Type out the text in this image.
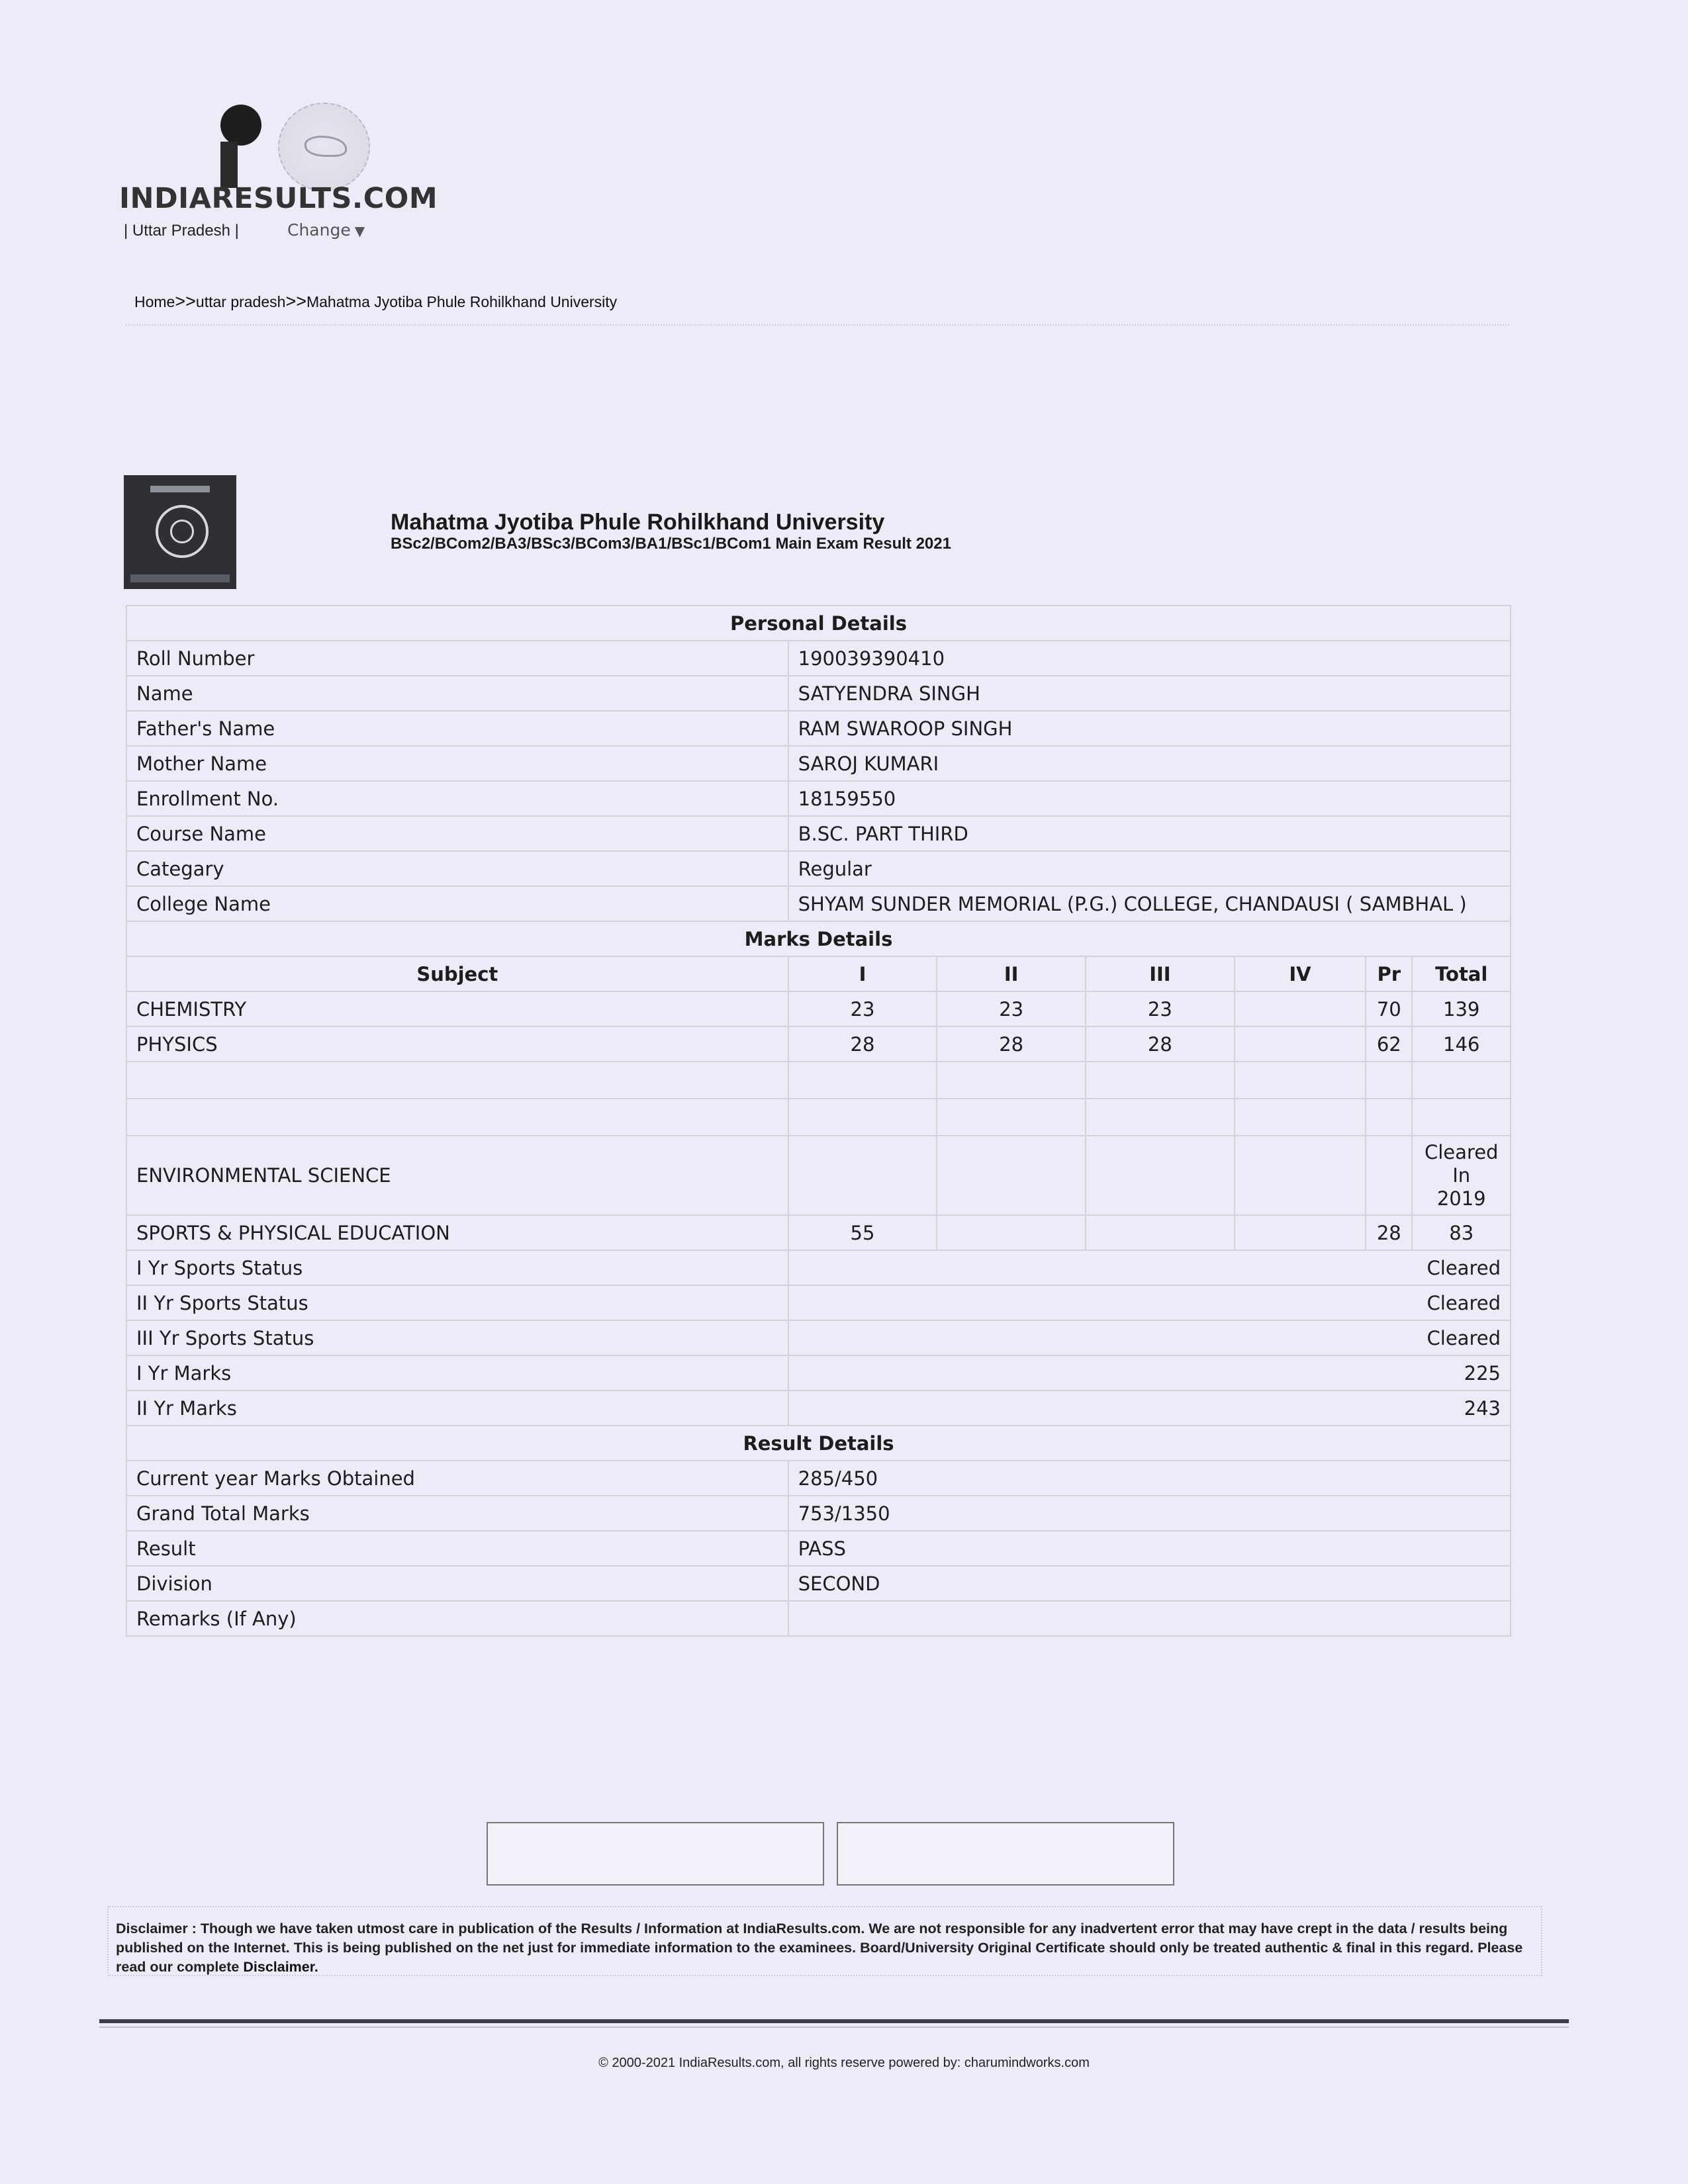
INDIARESULTS.COM
| Uttar Pradesh |	Change ▼
Home>>uttar pradesh>>Mahatma Jyotiba Phule Rohilkhand University
Mahatma Jyotiba Phule Rohilkhand University
BSc2/BCom2/BA3/BSc3/BCom3/BA1/BSc1/BCom1 Main Exam Result 2021
Personal Details						
Roll Number	190039390410					
Name	SATYENDRA SINGH					
Father's Name	RAM SWAROOP SINGH					
Mother Name	SAROJ KUMARI					
Enrollment No.	18159550					
Course Name	B.SC. PART THIRD					
Categary	Regular					
College Name	SHYAM SUNDER MEMORIAL (P.G.) COLLEGE, CHANDAUSI ( SAMBHAL )					
Marks Details						
Subject	I	II	III	IV	Pr	Total
CHEMISTRY	23	23	23		70	139
PHYSICS	28	28	28		62	146

ENVIRONMENTAL SCIENCE						Cleared
In
2019

SPORTS & PHYSICAL EDUCATION	55				28	83
I Yr Sports Status	Cleared					
II Yr Sports Status	Cleared					
III Yr Sports Status	Cleared					
I Yr Marks	225					
II Yr Marks	243					
Result Details						
Current year Marks Obtained	285/450					
Grand Total Marks	753/1350					
Result	PASS					
Division	SECOND					
Remarks (If Any)						
Disclaimer : Though we have taken utmost care in publication of the Results / Information at IndiaResults.com. We are not responsible for any inadvertent error that may have crept in the data / results being published on the Internet. This is being published on the net just for immediate information to the examinees. Board/University Original Certificate should only be treated authentic & final in this regard. Please read our complete Disclaimer.
© 2000-2021 IndiaResults.com, all rights reserve powered by: charumindworks.com
